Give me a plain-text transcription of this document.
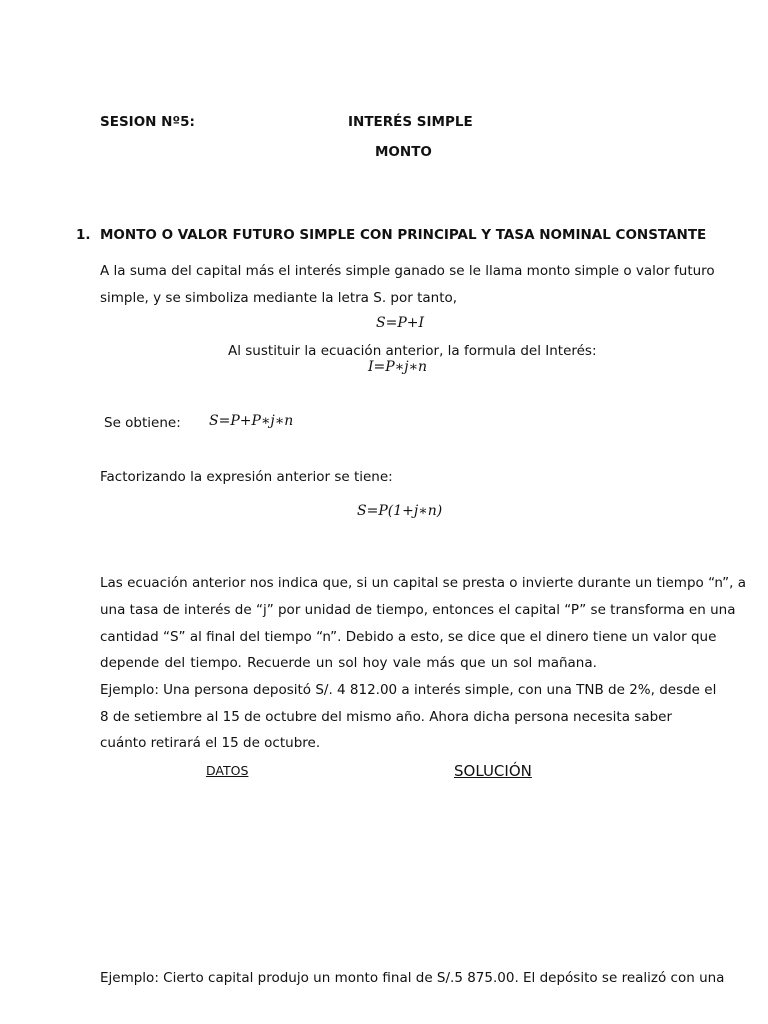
SESION Nº5:	INTERÉS SIMPLE
MONTO
1. MONTO O VALOR FUTURO SIMPLE CON PRINCIPAL Y TASA NOMINAL CONSTANTE
A la suma del capital más el interés simple ganado se le llama monto simple o valor futuro
simple, y se simboliza mediante la letra S. por tanto,
S=P+I
Al sustituir la ecuación anterior, la formula del Interés:
I=P∗j∗n
Se obtiene: S=P+P∗j∗n
Factorizando la expresión anterior se tiene:
S=P(1+j∗n)
Las ecuación anterior nos indica que, si un capital se presta o invierte durante un tiempo “n”, a
una tasa de interés de “j” por unidad de tiempo, entonces el capital “P” se transforma en una
cantidad “S” al final del tiempo “n”. Debido a esto, se dice que el dinero tiene un valor que
depende del tiempo. Recuerde un sol hoy vale más que un sol mañana.
Ejemplo: Una persona depositó S/. 4 812.00 a interés simple, con una TNB de 2%, desde el
8 de setiembre al 15 de octubre del mismo año. Ahora dicha persona necesita saber
cuánto retirará el 15 de octubre.
DATOS	SOLUCIÓN
Ejemplo: Cierto capital produjo un monto final de S/.5 875.00. El depósito se realizó con una
